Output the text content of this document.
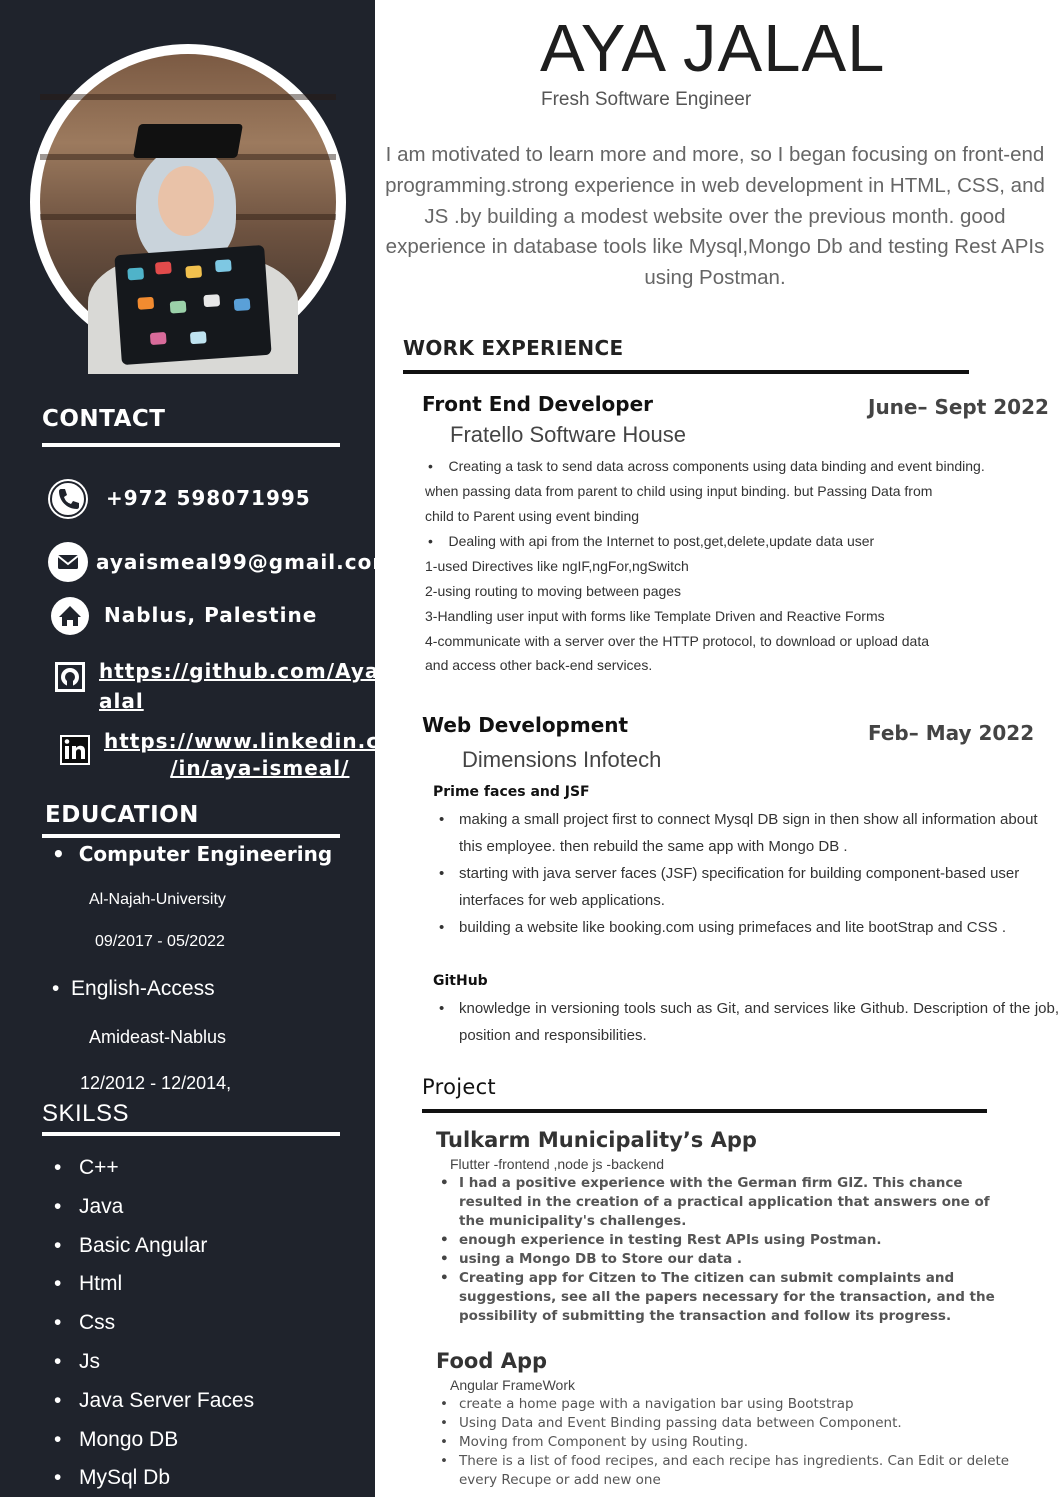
CONTACT
+972 598071995
ayaismeal99@gmail.com
Nablus, Palestine
https://github.com/Ayaj
alal
https://www.linkedin.com
/in/aya-ismeal/
EDUCATION
•  Computer Engineering
Al-Najah-University
09/2017 - 05/2022
•  English-Access
Amideast-Nablus
12/2012 - 12/2014,
SKILSS
• C++
• Java
• Basic Angular
• Html
• Css
• Js
• Java Server Faces
• Mongo DB
• MySql Db
AYA JALAL
Fresh Software Engineer
I am motivated to learn more and more, so I began focusing on front-end programming.strong experience in web development in HTML, CSS, and JS .by building a modest website over the previous month. good experience in database tools like Mysql,Mongo Db and testing Rest APIs using Postman.
WORK EXPERIENCE
Front End Developer	June– Sept 2022
Fratello Software House
•    Creating a task to send data across components using data binding and event binding.
when passing data from parent to child using input binding. but Passing Data from
child to Parent using event binding
•    Dealing with api from the Internet to post,get,delete,update data user
1-used Directives like ngIF,ngFor,ngSwitch
2-using routing to moving between pages
3-Handling user input with forms like Template Driven and Reactive Forms
4-communicate with a server over the HTTP protocol, to download or upload data
and access other back-end services.
Web Development	Feb– May 2022
Dimensions Infotech
Prime faces and JSF
• making a small project first to connect Mysql DB sign in then show all information about this employee. then rebuild the same app with Mongo DB .
• starting with java server faces (JSF) specification for building component-based user interfaces for web applications.
• building a website like booking.com using primefaces and lite bootStrap and CSS .
GitHub
• knowledge in versioning tools such as Git, and services like Github. Description of the job, position and responsibilities.
Project
Tulkarm Municipality’s App
Flutter -frontend ,node js -backend
• I had a positive experience with the German firm GIZ. This chance resulted in the creation of a practical application that answers one of the municipality's challenges.
• enough experience in testing Rest APIs using Postman.
• using a Mongo DB to Store our data .
• Creating app for Citzen to The citizen can submit complaints and suggestions, see all the papers necessary for the transaction, and the possibility of submitting the transaction and follow its progress.
Food App
Angular FrameWork
• create a home page with a navigation bar using Bootstrap
• Using Data and Event Binding passing data between Component.
• Moving from Component by using Routing.
• There is a list of food recipes, and each recipe has ingredients. Can Edit or delete every Recupe or add new one
